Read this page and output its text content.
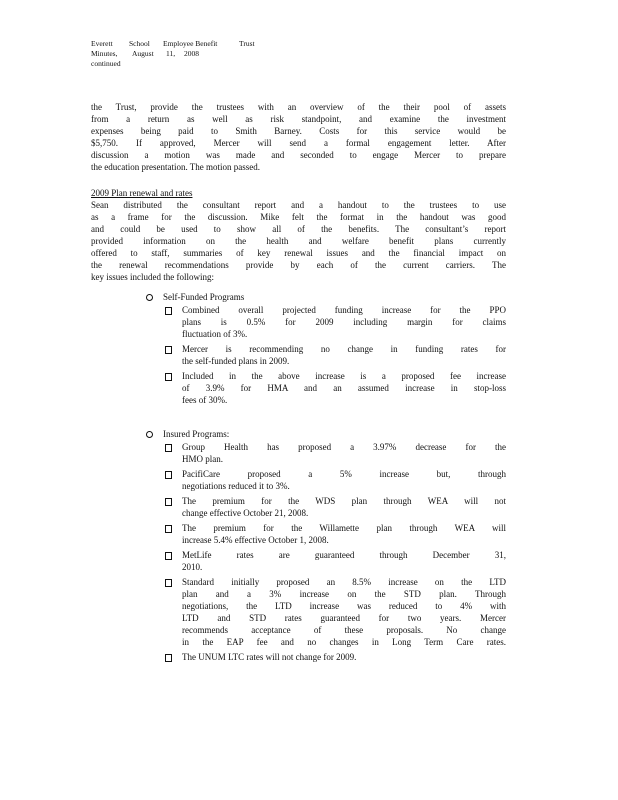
Everett	School	Employee Benefit	Trust
Minutes,	August	11,	2008
continued

the Trust, provide the trustees with an overview of the their pool of assets

from a return as well as risk standpoint, and examine the investment

expenses being paid to Smith Barney. Costs for this service would be

$5,750. If approved, Mercer will send a formal engagement letter. After

discussion a motion was made and seconded to engage Mercer to prepare

the education presentation. The motion passed.

2009 Plan renewal and rates

Sean distributed the consultant report and a handout to the trustees to use

as a frame for the discussion. Mike felt the format in the handout was good

and could be used to show all of the benefits. The consultant’s report

provided information on the health and welfare benefit plans currently

offered to staff, summaries of key renewal issues and the financial impact on

the renewal recommendations provide by each of the current carriers. The

key issues included the following:

Self-Funded Programs

Combined overall projected funding increase for the PPO

plans is 0.5% for 2009 including margin for claims

fluctuation of 3%.

Mercer is recommending no change in funding rates for

the self-funded plans in 2009.

Included in the above increase is a proposed fee increase

of 3.9% for HMA and an assumed increase in stop-loss

fees of 30%.

Insured Programs:

Group Health has proposed a 3.97% decrease for the

HMO plan.

PacifiCare proposed a 5% increase but, through

negotiations reduced it to 3%.

The premium for the WDS plan through WEA will not

change effective October 21, 2008.

The premium for the Willamette plan through WEA will

increase 5.4% effective October 1, 2008.

MetLife rates are guaranteed through December 31,

2010.

Standard initially proposed an 8.5% increase on the LTD

plan and a 3% increase on the STD plan. Through

negotiations, the LTD increase was reduced to 4% with

LTD and STD rates guaranteed for two years. Mercer

recommends acceptance of these proposals. No change

in the EAP fee and no changes in Long Term Care rates.

The UNUM LTC rates will not change for 2009.
